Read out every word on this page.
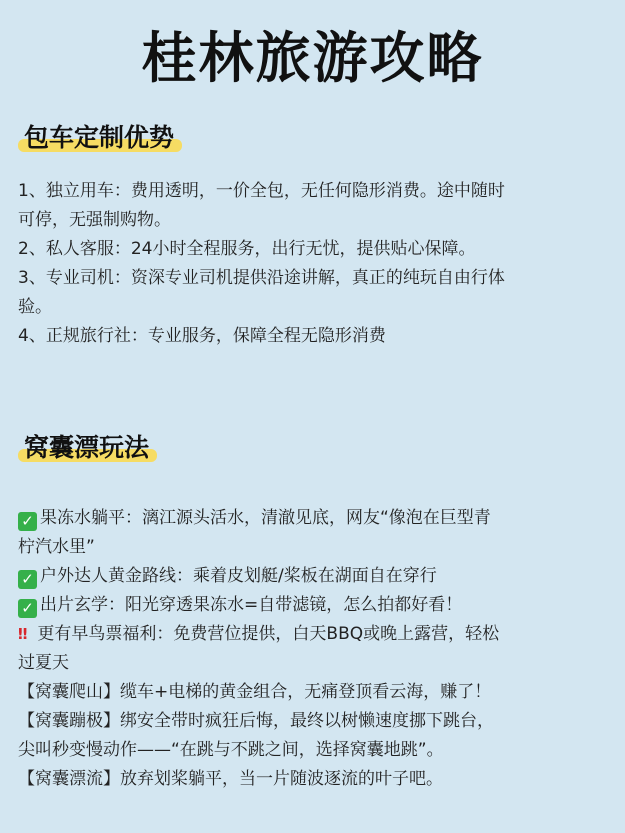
桂林旅游攻略
包车定制优势
1、独立用车：费用透明，一价全包，无任何隐形消费。途中随时
可停，无强制购物。
2、私人客服：24小时全程服务，出行无忧，提供贴心保障。
3、专业司机：资深专业司机提供沿途讲解，真正的纯玩自由行体
验。
4、正规旅行社：专业服务，保障全程无隐形消费
窝囊漂玩法
✓ 果冻水躺平：漓江源头活水，清澈见底，网友“像泡在巨型青
柠汽水里”
✓ 户外达人黄金路线：乘着皮划艇/桨板在湖面自在穿行
✓ 出片玄学：阳光穿透果冻水=自带滤镜，怎么拍都好看！
‼ 更有早鸟票福利：免费营位提供，白天BBQ或晚上露营，轻松
过夏天
【窝囊爬山】缆车+电梯的黄金组合，无痛登顶看云海，赚了！
【窝囊蹦极】绑安全带时疯狂后悔，最终以树懒速度挪下跳台，
尖叫秒变慢动作——“在跳与不跳之间，选择窝囊地跳”。
【窝囊漂流】放弃划桨躺平，当一片随波逐流的叶子吧。
